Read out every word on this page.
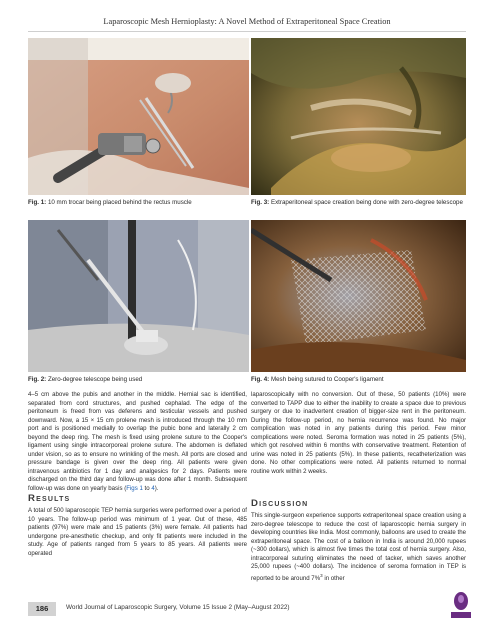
Laparoscopic Mesh Hernioplasty: A Novel Method of Extraperitoneal Space Creation
Fig. 1: 10 mm trocar being placed behind the rectus muscle	Fig. 3: Extraperitoneal space creation being done with zero-degree telescope
Fig. 2: Zero-degree telescope being used	Fig. 4: Mesh being sutured to Cooper's ligament

4–5 cm above the pubis and another in the middle. Hernial sac is identified, separated from cord structures, and pushed cephalad. The edge of the peritoneum is freed from vas deferens and testicular vessels and pushed downward. Now, a 15 × 15 cm prolene mesh is introduced through the 10 mm port and is positioned medially to overlap the pubic bone and laterally 2 cm beyond the deep ring. The mesh is fixed using prolene suture to the Cooper's ligament using single intracorporeal prolene suture. The abdomen is deflated under vision, so as to ensure no wrinkling of the mesh. All ports are closed and pressure bandage is given over the deep ring. All patients were given intravenous antibiotics for 1 day and analgesics for 2 days. Patients were discharged on the third day and follow-up was done after 1 month. Subsequent follow-up was done on yearly basis (Figs 1 to 4).

Results
A total of 500 laparoscopic TEP hernia surgeries were performed over a period of 10 years. The follow-up period was minimum of 1 year. Out of these, 485 patients (97%) were male and 15 patients (3%) were female. All patients had undergone pre-anesthetic checkup, and only fit patients were included in the study. Age of patients ranged from 5 years to 85 years. All patients were operated
laparoscopically with no conversion. Out of these, 50 patients (10%) were converted to TAPP due to either the inability to create a space due to previous surgery or due to inadvertent creation of bigger-size rent in the peritoneum. During the follow-up period, no hernia recurrence was found. No major complication was noted in any patients during this period. Few minor complications were noted. Seroma formation was noted in 25 patients (5%), which got resolved within 6 months with conservative treatment. Retention of urine was noted in 25 patients (5%). In these patients, recatheterization was done. No other complications were noted. All patients returned to normal routine work within 2 weeks.
Discussion

This single-surgeon experience supports extraperitoneal space creation using a zero-degree telescope to reduce the cost of laparoscopic hernia surgery in developing countries like India. Most commonly, balloons are used to create the extraperitoneal space. The cost of a balloon in India is around 20,000 rupees (~300 dollars), which is almost five times the total cost of hernia surgery. Also, intracorporeal suturing eliminates the need of tacker, which saves another 25,000 rupees (~400 dollars). The incidence of seroma formation in TEP is reported to be around 7%$^3$ in other

186	World Journal of Laparoscopic Surgery, Volume 15 Issue 2 (May–August 2022)
